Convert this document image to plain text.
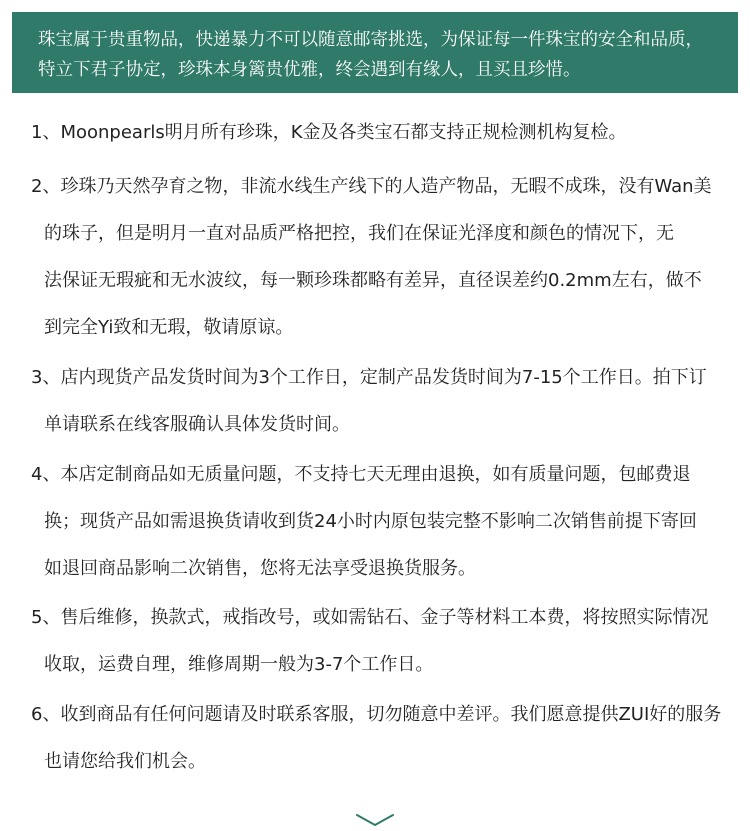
珠宝属于贵重物品，快递暴力不可以随意邮寄挑选，为保证每一件珠宝的安全和品质，
特立下君子协定，珍珠本身篱贵优雅，终会遇到有缘人，且买且珍惜。
1、Moonpearls明月所有珍珠，K金及各类宝石都支持正规检测机构复检。
2、珍珠乃天然孕育之物，非流水线生产线下的人造产物品，无暇不成珠，没有Wan美
的珠子，但是明月一直对品质严格把控，我们在保证光泽度和颜色的情况下，无
法保证无瑕疵和无水波纹，每一颗珍珠都略有差异，直径误差约0.2mm左右，做不
到完全Yi致和无瑕，敬请原谅。
3、店内现货产品发货时间为3个工作日，定制产品发货时间为7-15个工作日。拍下订
单请联系在线客服确认具体发货时间。
4、本店定制商品如无质量问题，不支持七天无理由退换，如有质量问题，包邮费退
换；现货产品如需退换货请收到货24小时内原包装完整不影响二次销售前提下寄回
如退回商品影响二次销售，您将无法享受退换货服务。
5、售后维修，换款式，戒指改号，或如需钻石、金子等材料工本费，将按照实际情况
收取，运费自理，维修周期一般为3-7个工作日。
6、收到商品有任何问题请及时联系客服，切勿随意中差评。我们愿意提供ZUI好的服务
也请您给我们机会。
